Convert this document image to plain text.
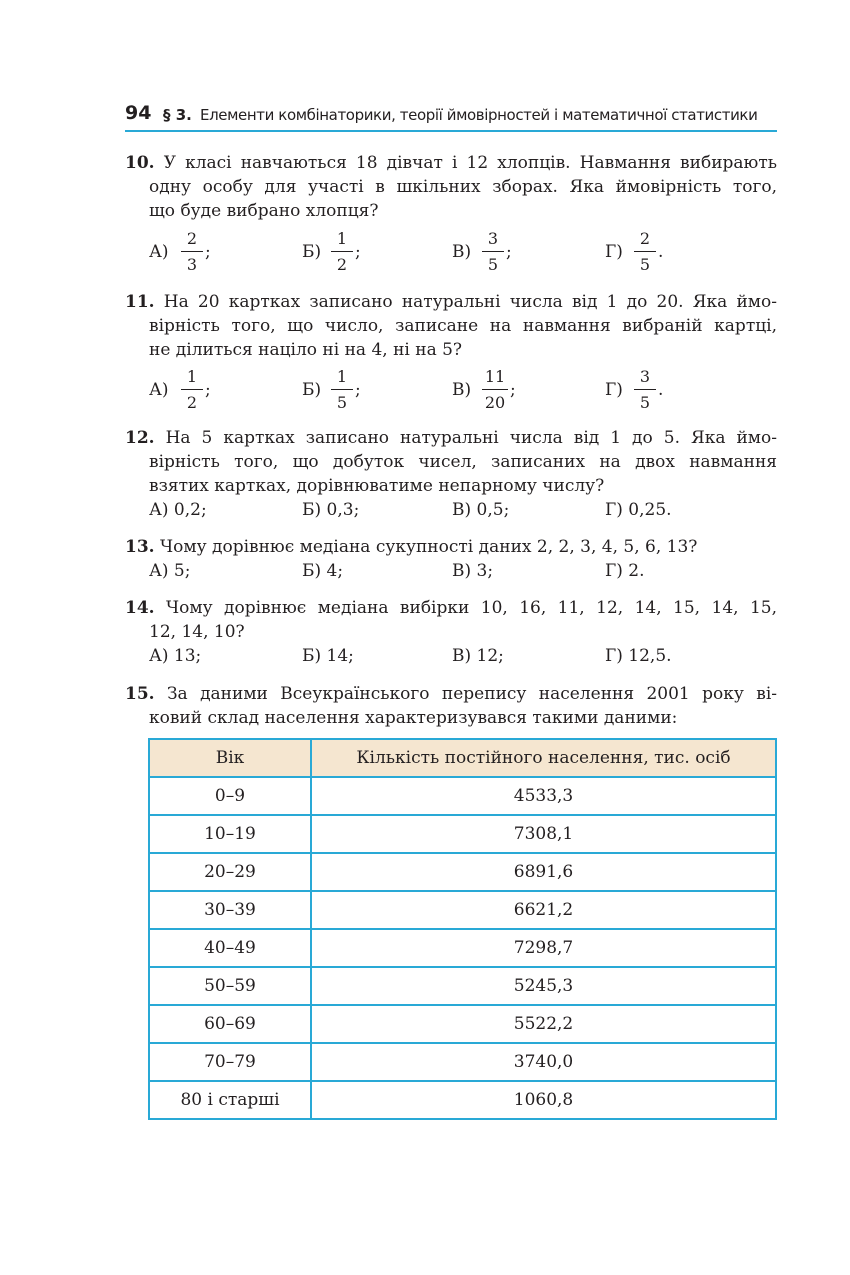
94 § 3. Елементи комбінаторики, теорії ймовірностей і математичної статистики
10. У класі навчаються 18 дівчат і 12 хлопців. Навмання вибирають
одну особу для участі в шкільних зборах. Яка ймовірність того,
що буде вибрано хлопця?
А)
2
3
;	Б)
1
2
;	В)
3
5
;	Г)
2
5
.
11. На 20 картках записано натуральні числа від 1 до 20. Яка ймо-
вірність того, що число, записане на навмання вибраній картці,
не ділиться націло ні на 4, ні на 5?
А)
1
2
;	Б)
1
5
;	В)
11
20
;	Г)
3
5
.
12. На 5 картках записано натуральні числа від 1 до 5. Яка ймо-
вірність того, що добуток чисел, записаних на двох навмання
взятих картках, дорівнюватиме непарному числу?
А) 0,2;	Б) 0,3;	В) 0,5;	Г) 0,25.
13. Чому дорівнює медіана сукупності даних 2, 2, 3, 4, 5, 6, 13?
А) 5;	Б) 4;	В) 3;	Г) 2.
14. Чому дорівнює медіана вибірки 10, 16, 11, 12, 14, 15, 14, 15,
12, 14, 10?
А) 13;	Б) 14;	В) 12;	Г) 12,5.
15. За даними Всеукраїнського перепису населення 2001 року ві-
ковий склад населення характеризувався такими даними:
Вік	Кількість постійного населення, тис. осіб
0–9	4533,3
10–19	7308,1
20–29	6891,6
30–39	6621,2
40–49	7298,7
50–59	5245,3
60–69	5522,2
70–79	3740,0
80 і старші	1060,8
